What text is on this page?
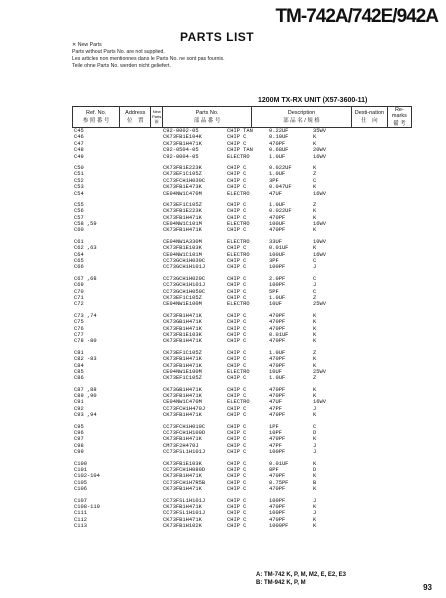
TM-742A/742E/942A
PARTS LIST
✕ New Parts
Parts without Parts No. are not supplied.
Les articles non mentionnes dans le Parts No. ne sont pas fournis.
Teile ohne Parts No. werden nicht geliefert.
1200M TX-RX UNIT (X57-3600-11)
Ref. No.
参 照 番 号

Address
位　置

New Parts
新

Parts No.
部 品 番 号

Description
部 品 名 / 規 格

Desti-nation
仕　向

Re-marks
備 考
C45	C92-0002-05	CHIP TAN	0.22UF	35WV
C46	CK73FB1E104K	CHIP C	0.10UF	K
C47	CK73FB1H471K	CHIP C	470PF	K
C48	C92-0504-05	CHIP TAN	0.68UF	20WV
C49	C92-0004-05	ELECTRO	1.0UF	16WV
C50	CK73FB1E223K	CHIP C	0.022UF	K
C51	CK73EF1C105Z	CHIP C	1.0UF	Z
C52	CC73FCH1H030C	CHIP C	3PF	C
C53	CK73FB1E473K	CHIP C	0.047UF	K
C54	CE04NW1C470M	ELECTRO	47UF	16WV
C55	CK73EF1C105Z	CHIP C	1.0UF	Z
C56	CK73FB1E223K	CHIP C	0.022UF	K
C57	CK73FB1H471K	CHIP C	470PF	K
C58 ,59	CE04NW1C101M	ELECTRO	100UF	16WV
C60	CK73FB1H471K	CHIP C	470PF	K
C61	CE04NW1A330M	ELECTRO	33UF	10WV
C62 ,63	CK73FB1E103K	CHIP C	0.01UF	K
C64	CE04NW1C101M	ELECTRO	100UF	16WV
C65	CC73GCH1H030C	CHIP C	3PF	C
C66	CC73GCH1H101J	CHIP C	100PF	J
C67 ,68	CC73GCH1H020C	CHIP C	2.0PF	C
C69	CC73GCH1H101J	CHIP C	100PF	J
C70	CC73GCH1H050C	CHIP C	5PF	C
C71	CK73EF1C105Z	CHIP C	1.0UF	Z
C72	CE04NW1E100M	ELECTRO	10UF	25WV
C73 ,74	CK73FB1H471K	CHIP C	470PF	K
C75	CK73GB1H471K	CHIP C	470PF	K
C76	CK73FB1H471K	CHIP C	470PF	K
C77	CK73FB1E103K	CHIP C	0.01UF	K
C78 -80	CK73FB1H471K	CHIP C	470PF	K
C81	CK73EF1C105Z	CHIP C	1.0UF	Z
C82 -83	CK73FB1H471K	CHIP C	470PF	K
C84	CK73FB1H471K	CHIP C	470PF	K
C85	CE04NW1E100M	ELECTRO	10UF	25WV
C86	CK73EF1C105Z	CHIP C	1.0UF	Z
C87 ,88	CK73GB1H471K	CHIP C	470PF	K
C89 ,90	CK73FB1H471K	CHIP C	470PF	K
C91	CE04NW1C470M	ELECTRO	47UF	16WV
C92	CC73FCH1H470J	CHIP C	47PF	J
C93 ,94	CK73FB1H471K	CHIP C	470PF	K
C95	CC73FCH1H010C	CHIP C	1PF	C
C96	CC73FCH1H100D	CHIP C	10PF	D
C97	CK73FB1H471K	CHIP C	470PF	K
C98	CM73F2H470J	CHIP C	47PF	J
C99	CC73FSL1H101J	CHIP C	100PF	J
C100	CK73FB1E103K	CHIP C	0.01UF	K
C101	CC73FCH1H080D	CHIP C	8PF	D
C102-104	CK73FB1H471K	CHIP C	470PF	K
C105	CC73FCH1H7R5B	CHIP C	0.75PF	B
C106	CK73FB1H471K	CHIP C	470PF	K
C107	CC73FSL1H101J	CHIP C	100PF	J
C108-110	CK73FB1H471K	CHIP C	470PF	K
C111	CC73FSL1H101J	CHIP C	100PF	J
C112	CK73FB1H471K	CHIP C	470PF	K
C113	CK73FB1H102K	CHIP C	1000PF	K
A: TM-742 K, P, M, M2, E, E2, E3
B: TM-942 K, P, M	93
